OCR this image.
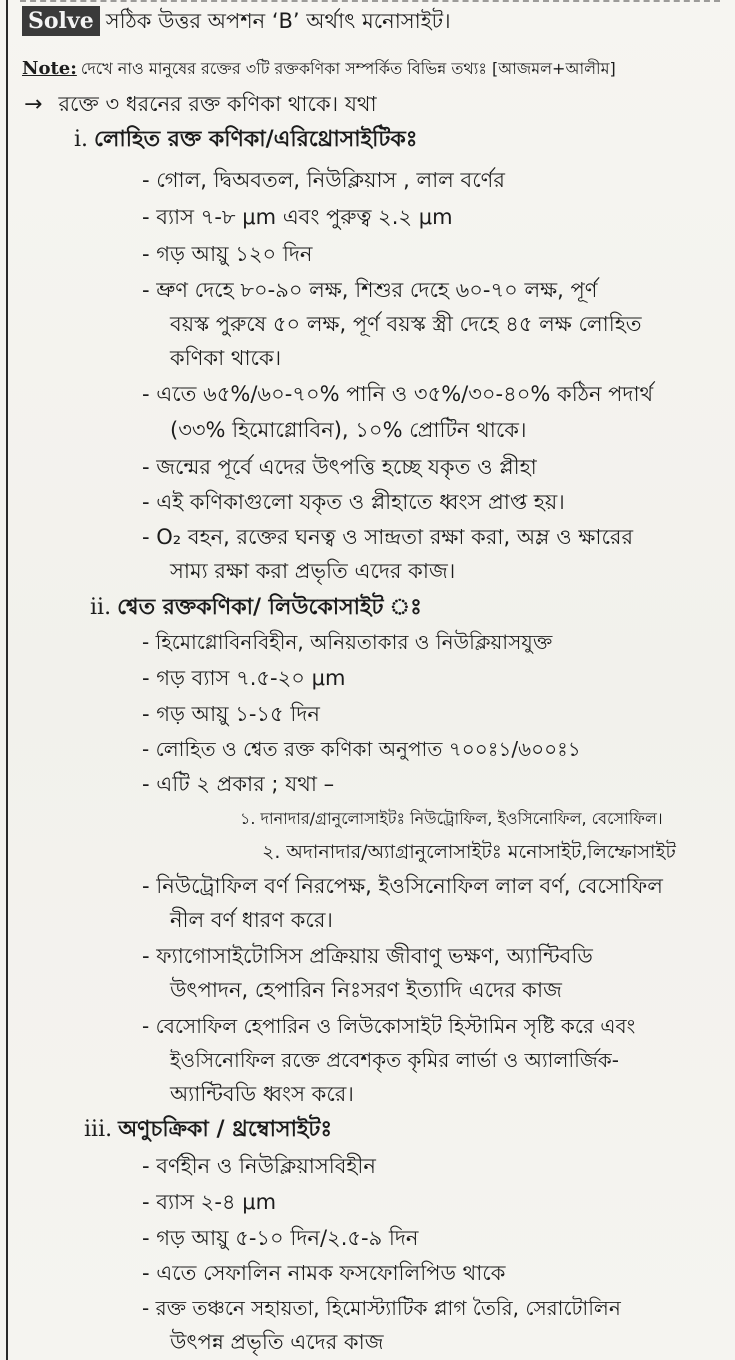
Solve সঠিক উত্তর অপশন ‘B’ অর্থাৎ মনোসাইট।
Note: দেখে নাও মানুষের রক্তের ৩টি রক্তকণিকা সম্পর্কিত বিভিন্ন তথ্যঃ [আজমল+আলীম]
→ রক্তে ৩ ধরনের রক্ত কণিকা থাকে। যথা
i. লোহিত রক্ত কণিকা/এরিথ্রোসাইটিকঃ
- গোল, দ্বিঅবতল, নিউক্লিয়াস , লাল বর্ণের
- ব্যাস ৭-৮ μm এবং পুরুত্ব ২.২ μm
- গড় আয়ু ১২০ দিন
- ভ্রুণ দেহে ৮০-৯০ লক্ষ, শিশুর দেহে ৬০-৭০ লক্ষ, পূর্ণ
বয়স্ক পুরুষে ৫০ লক্ষ, পূর্ণ বয়স্ক স্ত্রী দেহে ৪৫ লক্ষ লোহিত
কণিকা থাকে।
- এতে ৬৫%/৬০-৭০% পানি ও ৩৫%/৩০-৪০% কঠিন পদার্থ
(৩৩% হিমোগ্লোবিন), ১০% প্রোটিন থাকে।
- জন্মের পূর্বে এদের উৎপত্তি হচ্ছে যকৃত ও প্লীহা
- এই কণিকাগুলো যকৃত ও প্লীহাতে ধ্বংস প্রাপ্ত হয়।
- O₂ বহন, রক্তের ঘনত্ব ও সান্দ্রতা রক্ষা করা, অম্ল ও ক্ষারের
সাম্য রক্ষা করা প্রভৃতি এদের কাজ।
ii. শ্বেত রক্তকণিকা/ লিউকোসাইট ঃ
- হিমোগ্লোবিনবিহীন, অনিয়তাকার ও নিউক্লিয়াসযুক্ত
- গড় ব্যাস ৭.৫-২০ μm
- গড় আয়ু ১-১৫ দিন
- লোহিত ও শ্বেত রক্ত কণিকা অনুপাত ৭০০ঃ১/৬০০ঃ১
- এটি ২ প্রকার ; যথা –
১. দানাদার/গ্রানুলোসাইটঃ নিউট্রোফিল, ইওসিনোফিল, বেসোফিল।
২. অদানাদার/অ্যাগ্রানুলোসাইটঃ মনোসাইট,লিম্ফোসাইট
- নিউট্রোফিল বর্ণ নিরপেক্ষ, ইওসিনোফিল লাল বর্ণ, বেসোফিল
নীল বর্ণ ধারণ করে।
- ফ্যাগোসাইটোসিস প্রক্রিয়ায় জীবাণু ভক্ষণ, অ্যান্টিবডি
উৎপাদন, হেপারিন নিঃসরণ ইত্যাদি এদের কাজ
- বেসোফিল হেপারিন ও লিউকোসাইট হিস্টামিন সৃষ্টি করে এবং
ইওসিনোফিল রক্তে প্রবেশকৃত কৃমির লার্ভা ও অ্যালার্জিক-
অ্যান্টিবডি ধ্বংস করে।
iii. অণুচক্রিকা / থ্রম্বোসাইটঃ
- বর্ণহীন ও নিউক্লিয়াসবিহীন
- ব্যাস ২-৪ μm
- গড় আয়ু ৫-১০ দিন/২.৫-৯ দিন
- এতে সেফালিন নামক ফসফোলিপিড থাকে
- রক্ত তঞ্চনে সহায়তা, হিমোস্ট্যাটিক প্লাগ তৈরি, সেরাটোলিন
উৎপন্ন প্রভৃতি এদের কাজ
